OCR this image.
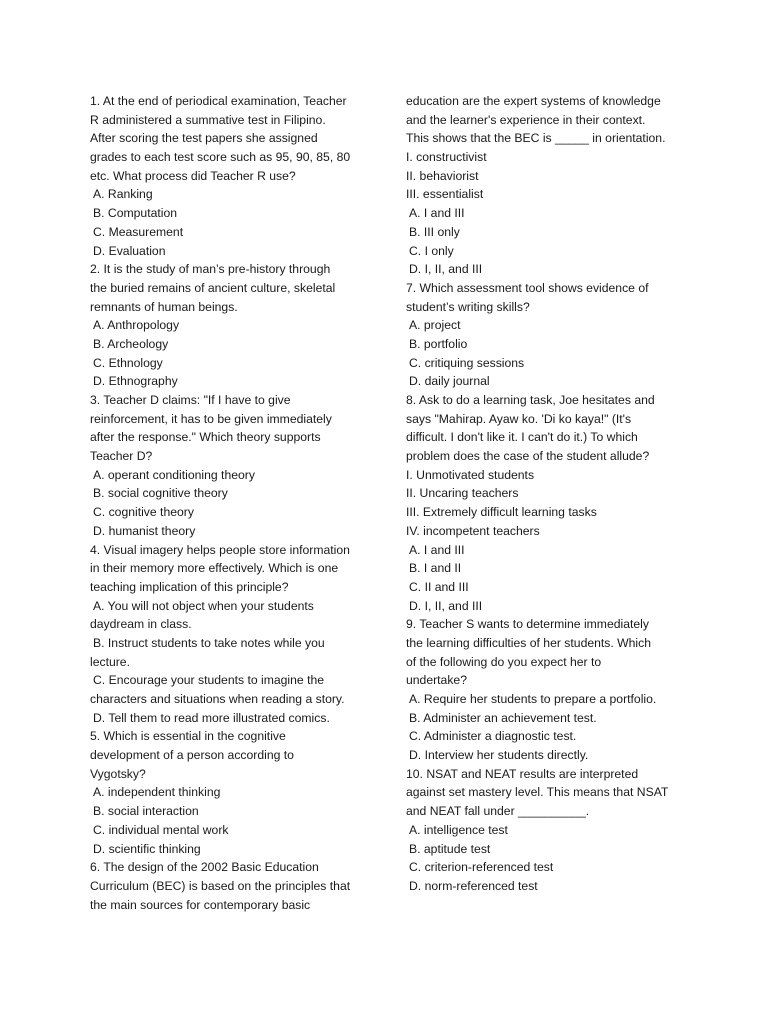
1. At the end of periodical examination, Teacher
R administered a summative test in Filipino.
After scoring the test papers she assigned
grades to each test score such as 95, 90, 85, 80
etc. What process did Teacher R use?
A. Ranking
B. Computation
C. Measurement
D. Evaluation
2. It is the study of man’s pre-history through
the buried remains of ancient culture, skeletal
remnants of human beings.
A. Anthropology
B. Archeology
C. Ethnology
D. Ethnography
3. Teacher D claims: "If I have to give
reinforcement, it has to be given immediately
after the response." Which theory supports
Teacher D?
A. operant conditioning theory
B. social cognitive theory
C. cognitive theory
D. humanist theory
4. Visual imagery helps people store information
in their memory more effectively. Which is one
teaching implication of this principle?
A. You will not object when your students
daydream in class.
B. Instruct students to take notes while you
lecture.
C. Encourage your students to imagine the
characters and situations when reading a story.
D. Tell them to read more illustrated comics.
5. Which is essential in the cognitive
development of a person according to
Vygotsky?
A. independent thinking
B. social interaction
C. individual mental work
D. scientific thinking
6. The design of the 2002 Basic Education
Curriculum (BEC) is based on the principles that
the main sources for contemporary basic
education are the expert systems of knowledge
and the learner's experience in their context.
This shows that the BEC is _____ in orientation.
I. constructivist
II. behaviorist
III. essentialist
A. I and III
B. III only
C. I only
D. I, II, and III
7. Which assessment tool shows evidence of
student’s writing skills?
A. project
B. portfolio
C. critiquing sessions
D. daily journal
8. Ask to do a learning task, Joe hesitates and
says "Mahirap. Ayaw ko. 'Di ko kaya!" (It's
difficult. I don't like it. I can't do it.) To which
problem does the case of the student allude?
I. Unmotivated students
II. Uncaring teachers
III. Extremely difficult learning tasks
IV. incompetent teachers
A. I and III
B. I and II
C. II and III
D. I, II, and III
9. Teacher S wants to determine immediately
the learning difficulties of her students. Which
of the following do you expect her to
undertake?
A. Require her students to prepare a portfolio.
B. Administer an achievement test.
C. Administer a diagnostic test.
D. Interview her students directly.
10. NSAT and NEAT results are interpreted
against set mastery level. This means that NSAT
and NEAT fall under __________.
A. intelligence test
B. aptitude test
C. criterion-referenced test
D. norm-referenced test
